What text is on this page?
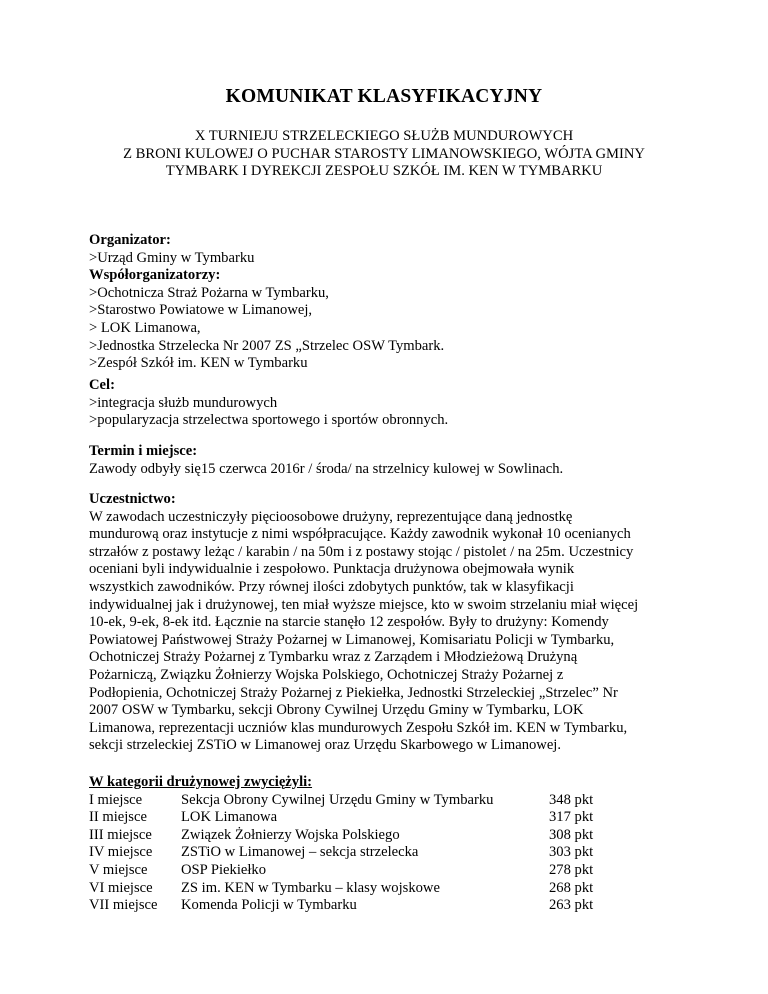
KOMUNIKAT KLASYFIKACYJNY
X TURNIEJU STRZELECKIEGO SŁUŻB MUNDUROWYCH
Z BRONI KULOWEJ O PUCHAR STAROSTY LIMANOWSKIEGO, WÓJTA GMINY
TYMBARK I DYREKCJI ZESPOŁU SZKÓŁ IM. KEN W TYMBARKU
Organizator:
>Urząd Gminy w Tymbarku
Współorganizatorzy:
>Ochotnicza Straż Pożarna w Tymbarku,
>Starostwo Powiatowe w Limanowej,
> LOK Limanowa,
>Jednostka Strzelecka Nr 2007 ZS „Strzelec OSW Tymbark.
>Zespół Szkół im. KEN w Tymbarku
Cel:
>integracja służb mundurowych
>popularyzacja strzelectwa sportowego i sportów obronnych.
Termin i miejsce:
Zawody odbyły się15 czerwca 2016r / środa/ na strzelnicy kulowej w Sowlinach.
Uczestnictwo:
W zawodach uczestniczyły pięcioosobowe drużyny, reprezentujące daną jednostkę
mundurową oraz instytucje z nimi współpracujące. Każdy zawodnik wykonał 10 ocenianych
strzałów z postawy leżąc / karabin / na 50m i z postawy stojąc / pistolet / na 25m. Uczestnicy
oceniani byli indywidualnie i zespołowo. Punktacja drużynowa obejmowała wynik
wszystkich zawodników. Przy równej ilości zdobytych punktów, tak w klasyfikacji
indywidualnej jak i drużynowej, ten miał wyższe miejsce, kto w swoim strzelaniu miał więcej
10-ek, 9-ek, 8-ek itd. Łącznie na starcie stanęło 12 zespołów. Były to drużyny: Komendy
Powiatowej Państwowej Straży Pożarnej w Limanowej, Komisariatu Policji w Tymbarku,
Ochotniczej Straży Pożarnej z Tymbarku wraz z Zarządem i Młodzieżową Drużyną
Pożarniczą, Związku Żołnierzy Wojska Polskiego, Ochotniczej Straży Pożarnej z
Podłopienia, Ochotniczej Straży Pożarnej z Piekiełka, Jednostki Strzeleckiej „Strzelec” Nr
2007 OSW w Tymbarku, sekcji Obrony Cywilnej Urzędu Gminy w Tymbarku, LOK
Limanowa, reprezentacji uczniów klas mundurowych Zespołu Szkół im. KEN w Tymbarku,
sekcji strzeleckiej ZSTiO w Limanowej oraz Urzędu Skarbowego w Limanowej.
W kategorii drużynowej zwyciężyli:
I miejsce	Sekcja Obrony Cywilnej Urzędu Gminy w Tymbarku	348 pkt
II miejsce LOK Limanowa	317 pkt
III miejsce Związek Żołnierzy Wojska Polskiego	308 pkt
IV miejsce ZSTiO w Limanowej – sekcja strzelecka	303 pkt
V miejsce OSP Piekiełko	278 pkt
VI miejsce ZS im. KEN w Tymbarku – klasy wojskowe	268 pkt
VII miejsce Komenda Policji w Tymbarku	263 pkt
